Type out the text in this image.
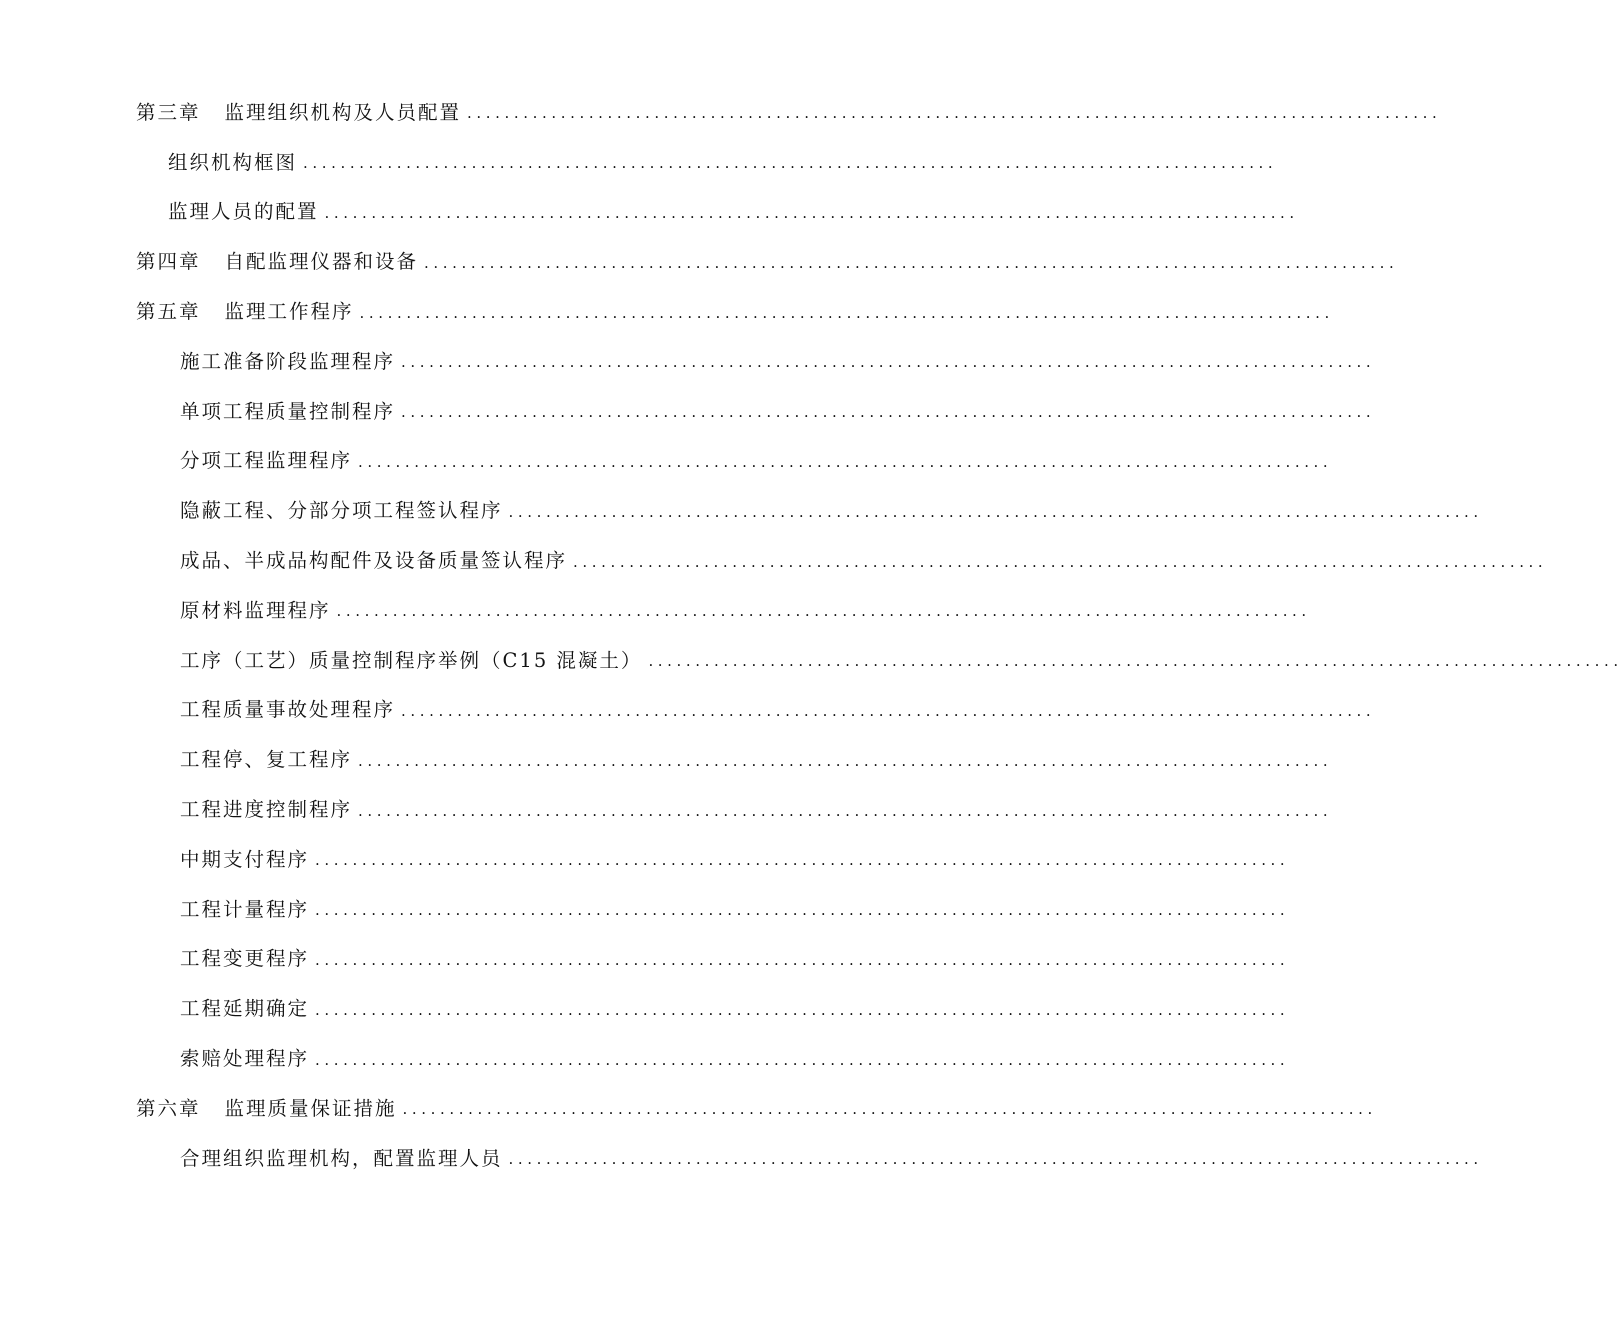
第三章 监理组织机构及人员配置 ........................................................................................................
组织机构框图 ........................................................................................................
监理人员的配置 ........................................................................................................
第四章 自配监理仪器和设备 ........................................................................................................
第五章 监理工作程序 ........................................................................................................
施工准备阶段监理程序 ........................................................................................................
单项工程质量控制程序 ........................................................................................................
分项工程监理程序 ........................................................................................................
隐蔽工程、分部分项工程签认程序 ........................................................................................................
成品、半成品构配件及设备质量签认程序 ........................................................................................................
原材料监理程序 ........................................................................................................
工序（工艺）质量控制程序举例（C15 混凝土） ........................................................................................................
工程质量事故处理程序 ........................................................................................................
工程停、复工程序 ........................................................................................................
工程进度控制程序 ........................................................................................................
中期支付程序 ........................................................................................................
工程计量程序 ........................................................................................................
工程变更程序 ........................................................................................................
工程延期确定 ........................................................................................................
索赔处理程序 ........................................................................................................
第六章 监理质量保证措施 ........................................................................................................
合理组织监理机构，配置监理人员 ........................................................................................................
